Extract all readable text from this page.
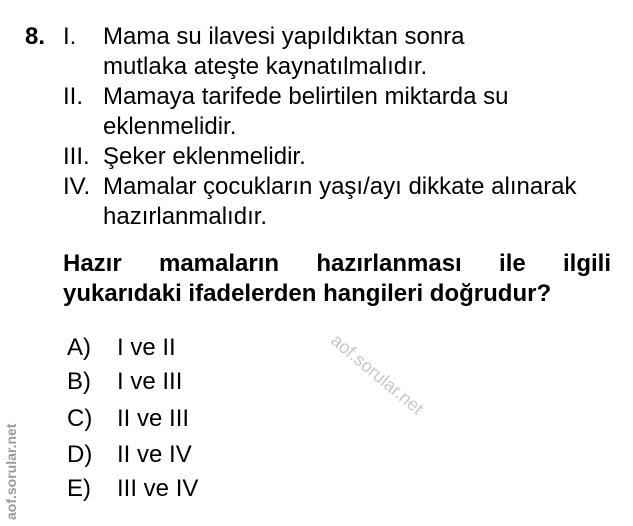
8. I. Mama su ilavesi yapıldıktan sonra mutlaka ateşte kaynatılmalıdır.
II. Mamaya tarifede belirtilen miktarda su eklenmelidir.
III. Şeker eklenmelidir.
IV. Mamalar çocukların yaşı/ayı dikkate alınarak hazırlanmalıdır.
Hazır mamaların hazırlanması ile ilgili
yukarıdaki ifadelerden hangileri doğrudur?
A) I ve II
B) I ve III
C) II ve III
D) II ve IV
E) III ve IV
aof.sorular.net
aof.sorular.net
